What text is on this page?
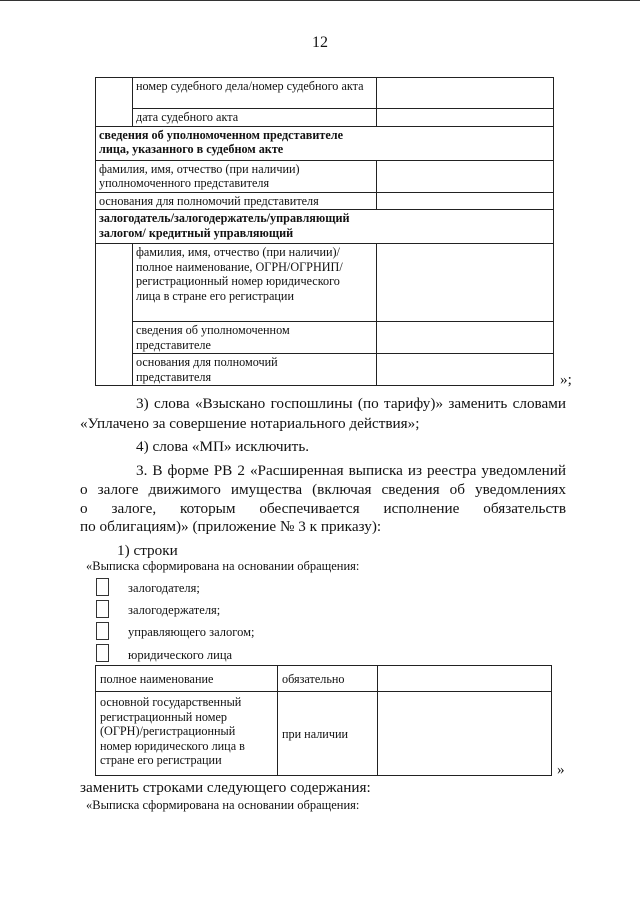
12
	номер судебного дела/номер судебного акта	
	дата судебного акта	
сведения об уполномоченном представителе лица, указанного в судебном акте		
фамилия, имя, отчество (при наличии) уполномоченного представителя		
основания для полномочий представителя		
залогодатель/залогодержатель/управляющий залогом/ кредитный управляющий		
	фамилия, имя, отчество (при наличии)/полное наименование, ОГРН/ОГРНИП/регистрационный номер юридического лица в стране его регистрации	
	сведения об уполномоченном представителе	
	основания для полномочий представителя		»;
3) слова «Взыскано госпошлины (по тарифу)» заменить словами
«Уплачено за совершение нотариального действия»;
4) слова «МП» исключить.
3. В форме РВ 2 «Расширенная выписка из реестра уведомлений
о залоге движимого имущества (включая сведения об уведомлениях
о залоге, которым обеспечивается исполнение обязательств
по облигациям)» (приложение № 3 к приказу):
1) строки
«Выписка сформирована на основании обращения:
залогодателя;
залогодержателя;
управляющего залогом;
юридического лица
полное наименование	обязательно	
основной государственный регистрационный номер (ОГРН)/регистрационный номер юридического лица в стране его регистрации	при наличии	
»
заменить строками следующего содержания:
«Выписка сформирована на основании обращения:
